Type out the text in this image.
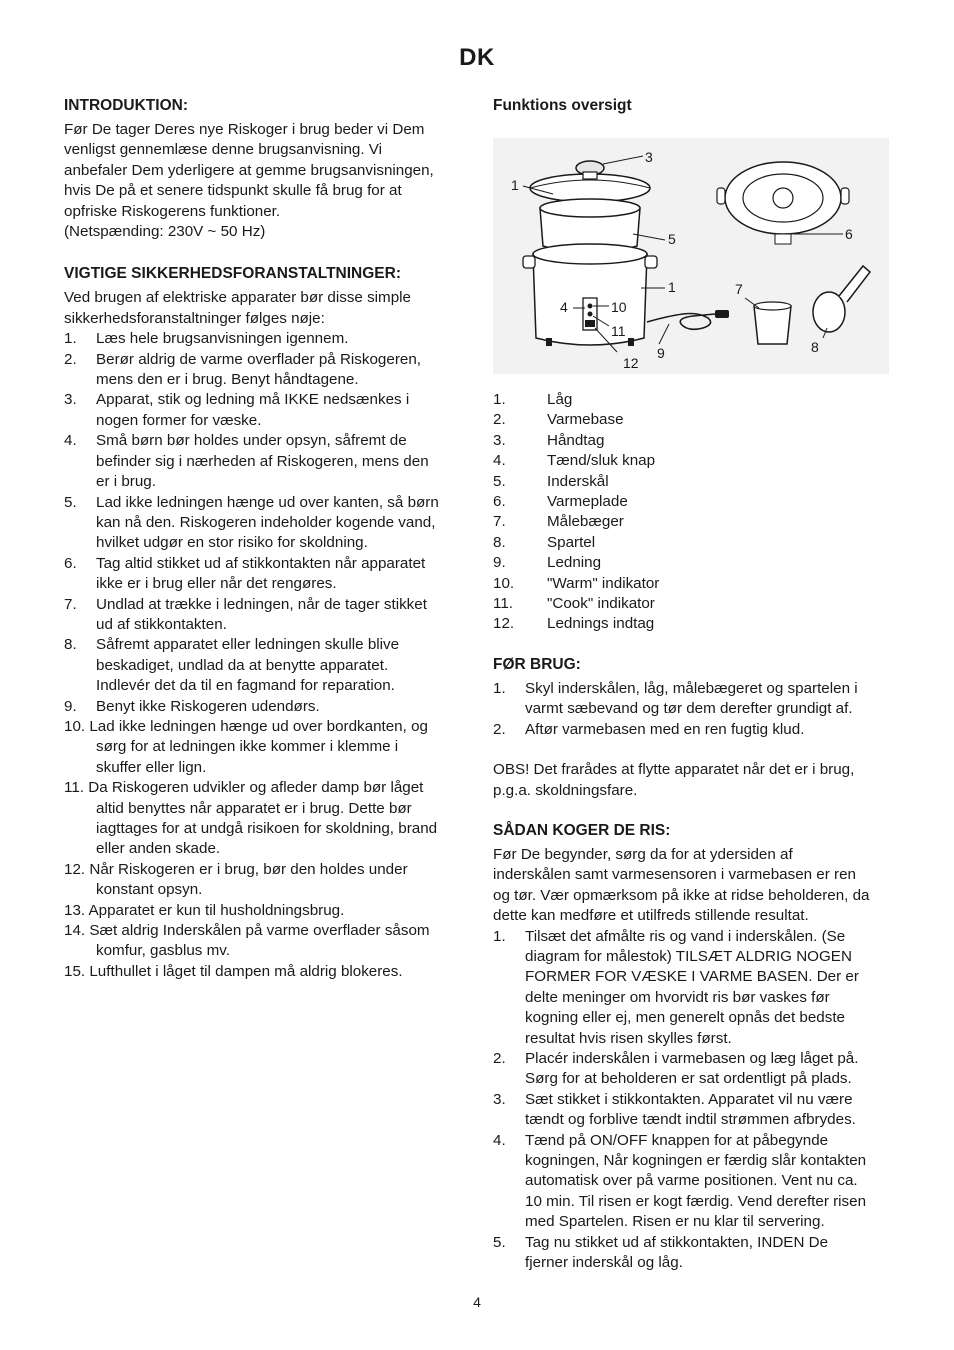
DK
INTRODUKTION:

Før De tager Deres nye Riskoger i brug beder vi Dem
venligst gennemlæse denne brugsanvisning. Vi
anbefaler Dem yderligere at gemme brugsanvisningen,
hvis De på et senere tidspunkt skulle få brug for at
opfriske Riskogerens funktioner.
(Netspænding: 230V ~ 50 Hz)

VIGTIGE SIKKERHEDSFORANSTALTNINGER:

Ved brugen af elektriske apparater bør disse simple
sikkerhedsforanstaltninger følges nøje:

1. Læs hele brugsanvisningen igennem.
2. Berør aldrig de varme overflader på Riskogeren,
mens den er i brug. Benyt håndtagene.
3. Apparat, stik og ledning må IKKE nedsænkes i
nogen former for væske.
4. Små børn bør holdes under opsyn, såfremt de
befinder sig i nærheden af Riskogeren, mens den
er i brug.
5. Lad ikke ledningen hænge ud over kanten, så børn
kan nå den. Riskogeren indeholder kogende vand,
hvilket udgør en stor risiko for skoldning.
6. Tag altid stikket ud af stikkontakten når apparatet
ikke er i brug eller når det rengøres.
7. Undlad at trække i ledningen, når de tager stikket
ud af stikkontakten.
8. Såfremt apparatet eller ledningen skulle blive
beskadiget, undlad da at benytte apparatet.
Indlevér det da til en fagmand for reparation.
9. Benyt ikke Riskogeren udendørs.
10. Lad ikke ledningen hænge ud over bordkanten, og
sørg for at ledningen ikke kommer i klemme i
skuffer eller lign.
11. Da Riskogeren udvikler og afleder damp bør låget
altid benyttes når apparatet er i brug. Dette bør
iagttages for at undgå risikoen for skoldning, brand
eller anden skade.
12. Når Riskogeren er i brug, bør den holdes under
konstant opsyn.
13. Apparatet er kun til husholdningsbrug.
14. Sæt aldrig Inderskålen på varme overflader såsom
komfur, gasblus mv.
15. Lufthullet i låget til dampen må aldrig blokeres.
Funktions oversigt
1
3
5
1
4	10
11
12
9
7
6
8
1.	Låg
2.	Varmebase
3.	Håndtag
4.	Tænd/sluk knap
5.	Inderskål
6.	Varmeplade
7.	Målebæger
8.	Spartel
9.	Ledning
10. "Warm" indikator
11. "Cook" indikator
12. Lednings indtag
FØR BRUG:
1. Skyl inderskålen, låg, målebægeret og spartelen i
varmt sæbevand og tør dem derefter grundigt af.
2. Aftør varmebasen med en ren fugtig klud.

OBS! Det frarådes at flytte apparatet når det er i brug,
p.g.a. skoldningsfare.

SÅDAN KOGER DE RIS:

Før De begynder, sørg da for at ydersiden af
inderskålen samt varmesensoren i varmebasen er ren
og tør. Vær opmærksom på ikke at ridse beholderen, da
dette kan medføre et utilfreds stillende resultat.

1. Tilsæt det afmålte ris og vand i inderskålen. (Se
diagram for målestok) TILSÆT ALDRIG NOGEN
FORMER FOR VÆSKE I VARME BASEN. Der er
delte meninger om hvorvidt ris bør vaskes før
kogning eller ej, men generelt opnås det bedste
resultat hvis risen skylles først.
2. Placér inderskålen i varmebasen og læg låget på.
Sørg for at beholderen er sat ordentligt på plads.
3. Sæt stikket i stikkontakten. Apparatet vil nu være
tændt og forblive tændt indtil strømmen afbrydes.
4. Tænd på ON/OFF knappen for at påbegynde
kogningen, Når kogningen er færdig slår kontakten
automatisk over på varme positionen. Vent nu ca.
10 min. Til risen er kogt færdig. Vend derefter risen
med Spartelen. Risen er nu klar til servering.
5. Tag nu stikket ud af stikkontakten, INDEN De
fjerner inderskål og låg.
4
